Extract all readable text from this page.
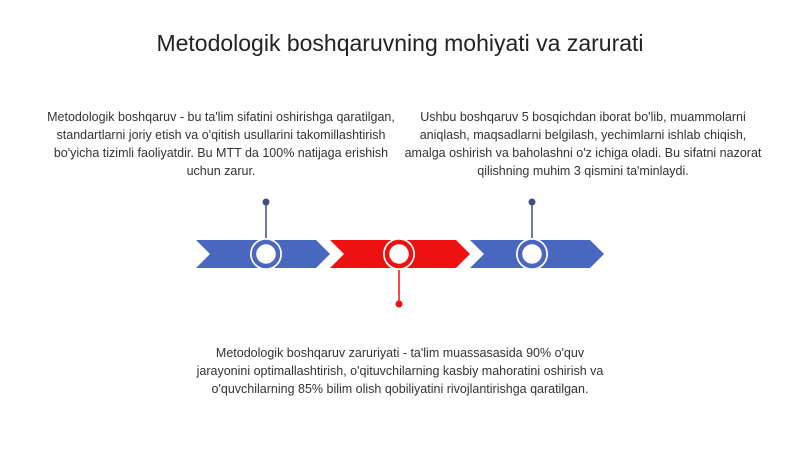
Metodologik boshqaruvning mohiyati va zarurati
Metodologik boshqaruv - bu ta'lim sifatini oshirishga qaratilgan, standartlarni joriy etish va o'qitish usullarini takomillashtirish bo'yicha tizimli faoliyatdir. Bu MTT da 100% natijaga erishish uchun zarur.
Ushbu boshqaruv 5 bosqichdan iborat bo'lib, muammolarni aniqlash, maqsadlarni belgilash, yechimlarni ishlab chiqish, amalga oshirish va baholashni o'z ichiga oladi. Bu sifatni nazorat qilishning muhim 3 qismini ta'minlaydi.
Metodologik boshqaruv zaruriyati - ta'lim muassasasida 90% o'quv jarayonini optimallashtirish, o'qituvchilarning kasbiy mahoratini oshirish va o'quvchilarning 85% bilim olish qobiliyatini rivojlantirishga qaratilgan.
